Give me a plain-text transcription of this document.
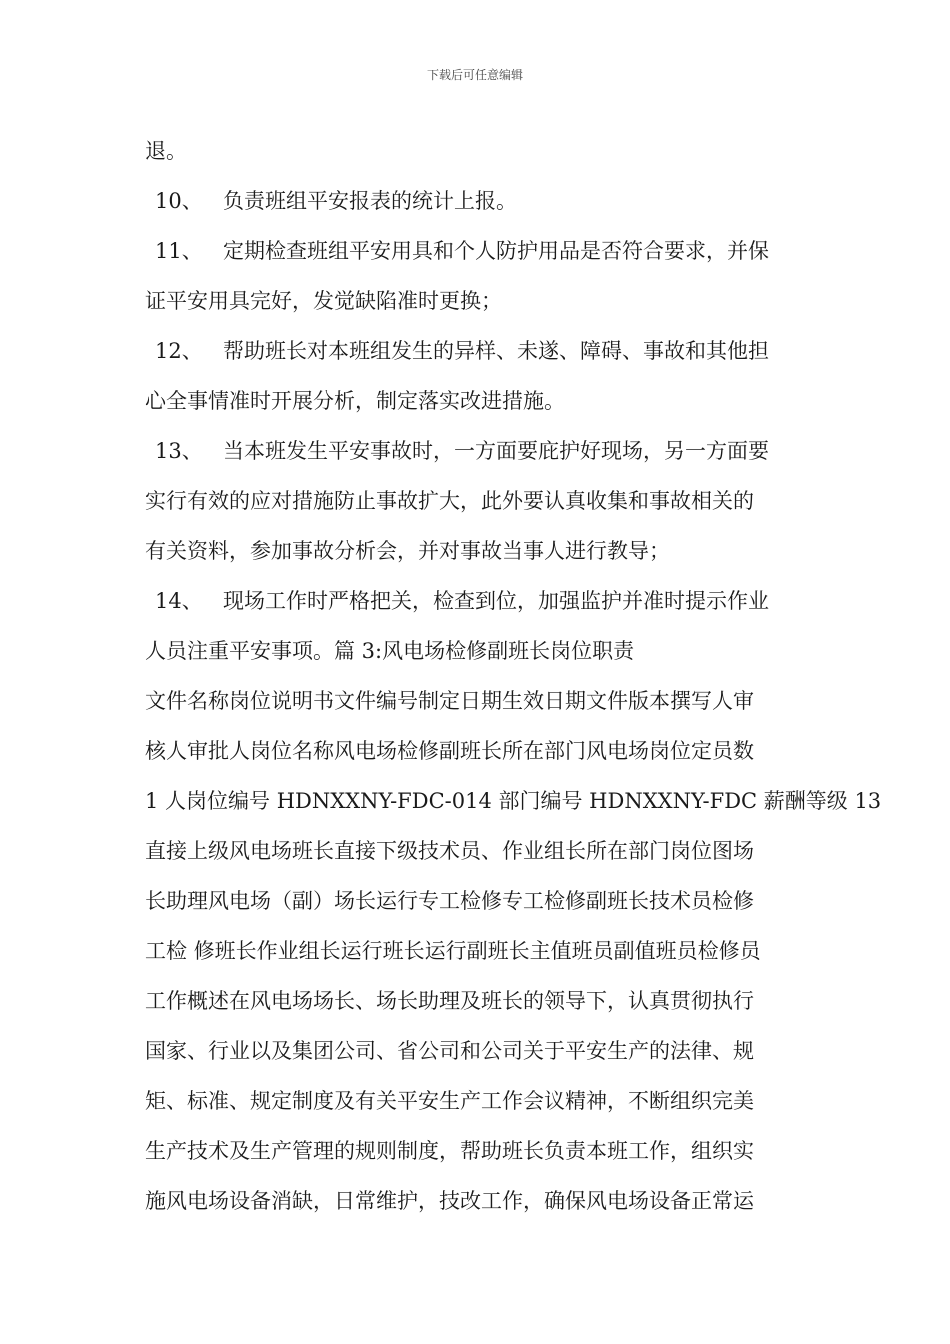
下载后可任意编辑
退。
10、 负责班组平安报表的统计上报。
11、 定期检查班组平安用具和个人防护用品是否符合要求，并保
证平安用具完好，发觉缺陷准时更换；
12、 帮助班长对本班组发生的异样、未遂、障碍、事故和其他担
心全事情准时开展分析，制定落实改进措施。
13、 当本班发生平安事故时，一方面要庇护好现场，另一方面要
实行有效的应对措施防止事故扩大，此外要认真收集和事故相关的
有关资料，参加事故分析会，并对事故当事人进行教导；
14、 现场工作时严格把关，检查到位，加强监护并准时提示作业
人员注重平安事项。篇 3:风电场检修副班长岗位职责
文件名称岗位说明书文件编号制定日期生效日期文件版本撰写人审
核人审批人岗位名称风电场检修副班长所在部门风电场岗位定员数
1 人岗位编号 HDNXXNY-FDC-014 部门编号 HDNXXNY-FDC 薪酬等级 13
直接上级风电场班长直接下级技术员、作业组长所在部门岗位图场
长助理风电场（副）场长运行专工检修专工检修副班长技术员检修
工检 修班长作业组长运行班长运行副班长主值班员副值班员检修员
工作概述在风电场场长、场长助理及班长的领导下，认真贯彻执行
国家、行业以及集团公司、省公司和公司关于平安生产的法律、规
矩、标准、规定制度及有关平安生产工作会议精神，不断组织完美
生产技术及生产管理的规则制度，帮助班长负责本班工作，组织实
施风电场设备消缺，日常维护，技改工作，确保风电场设备正常运
